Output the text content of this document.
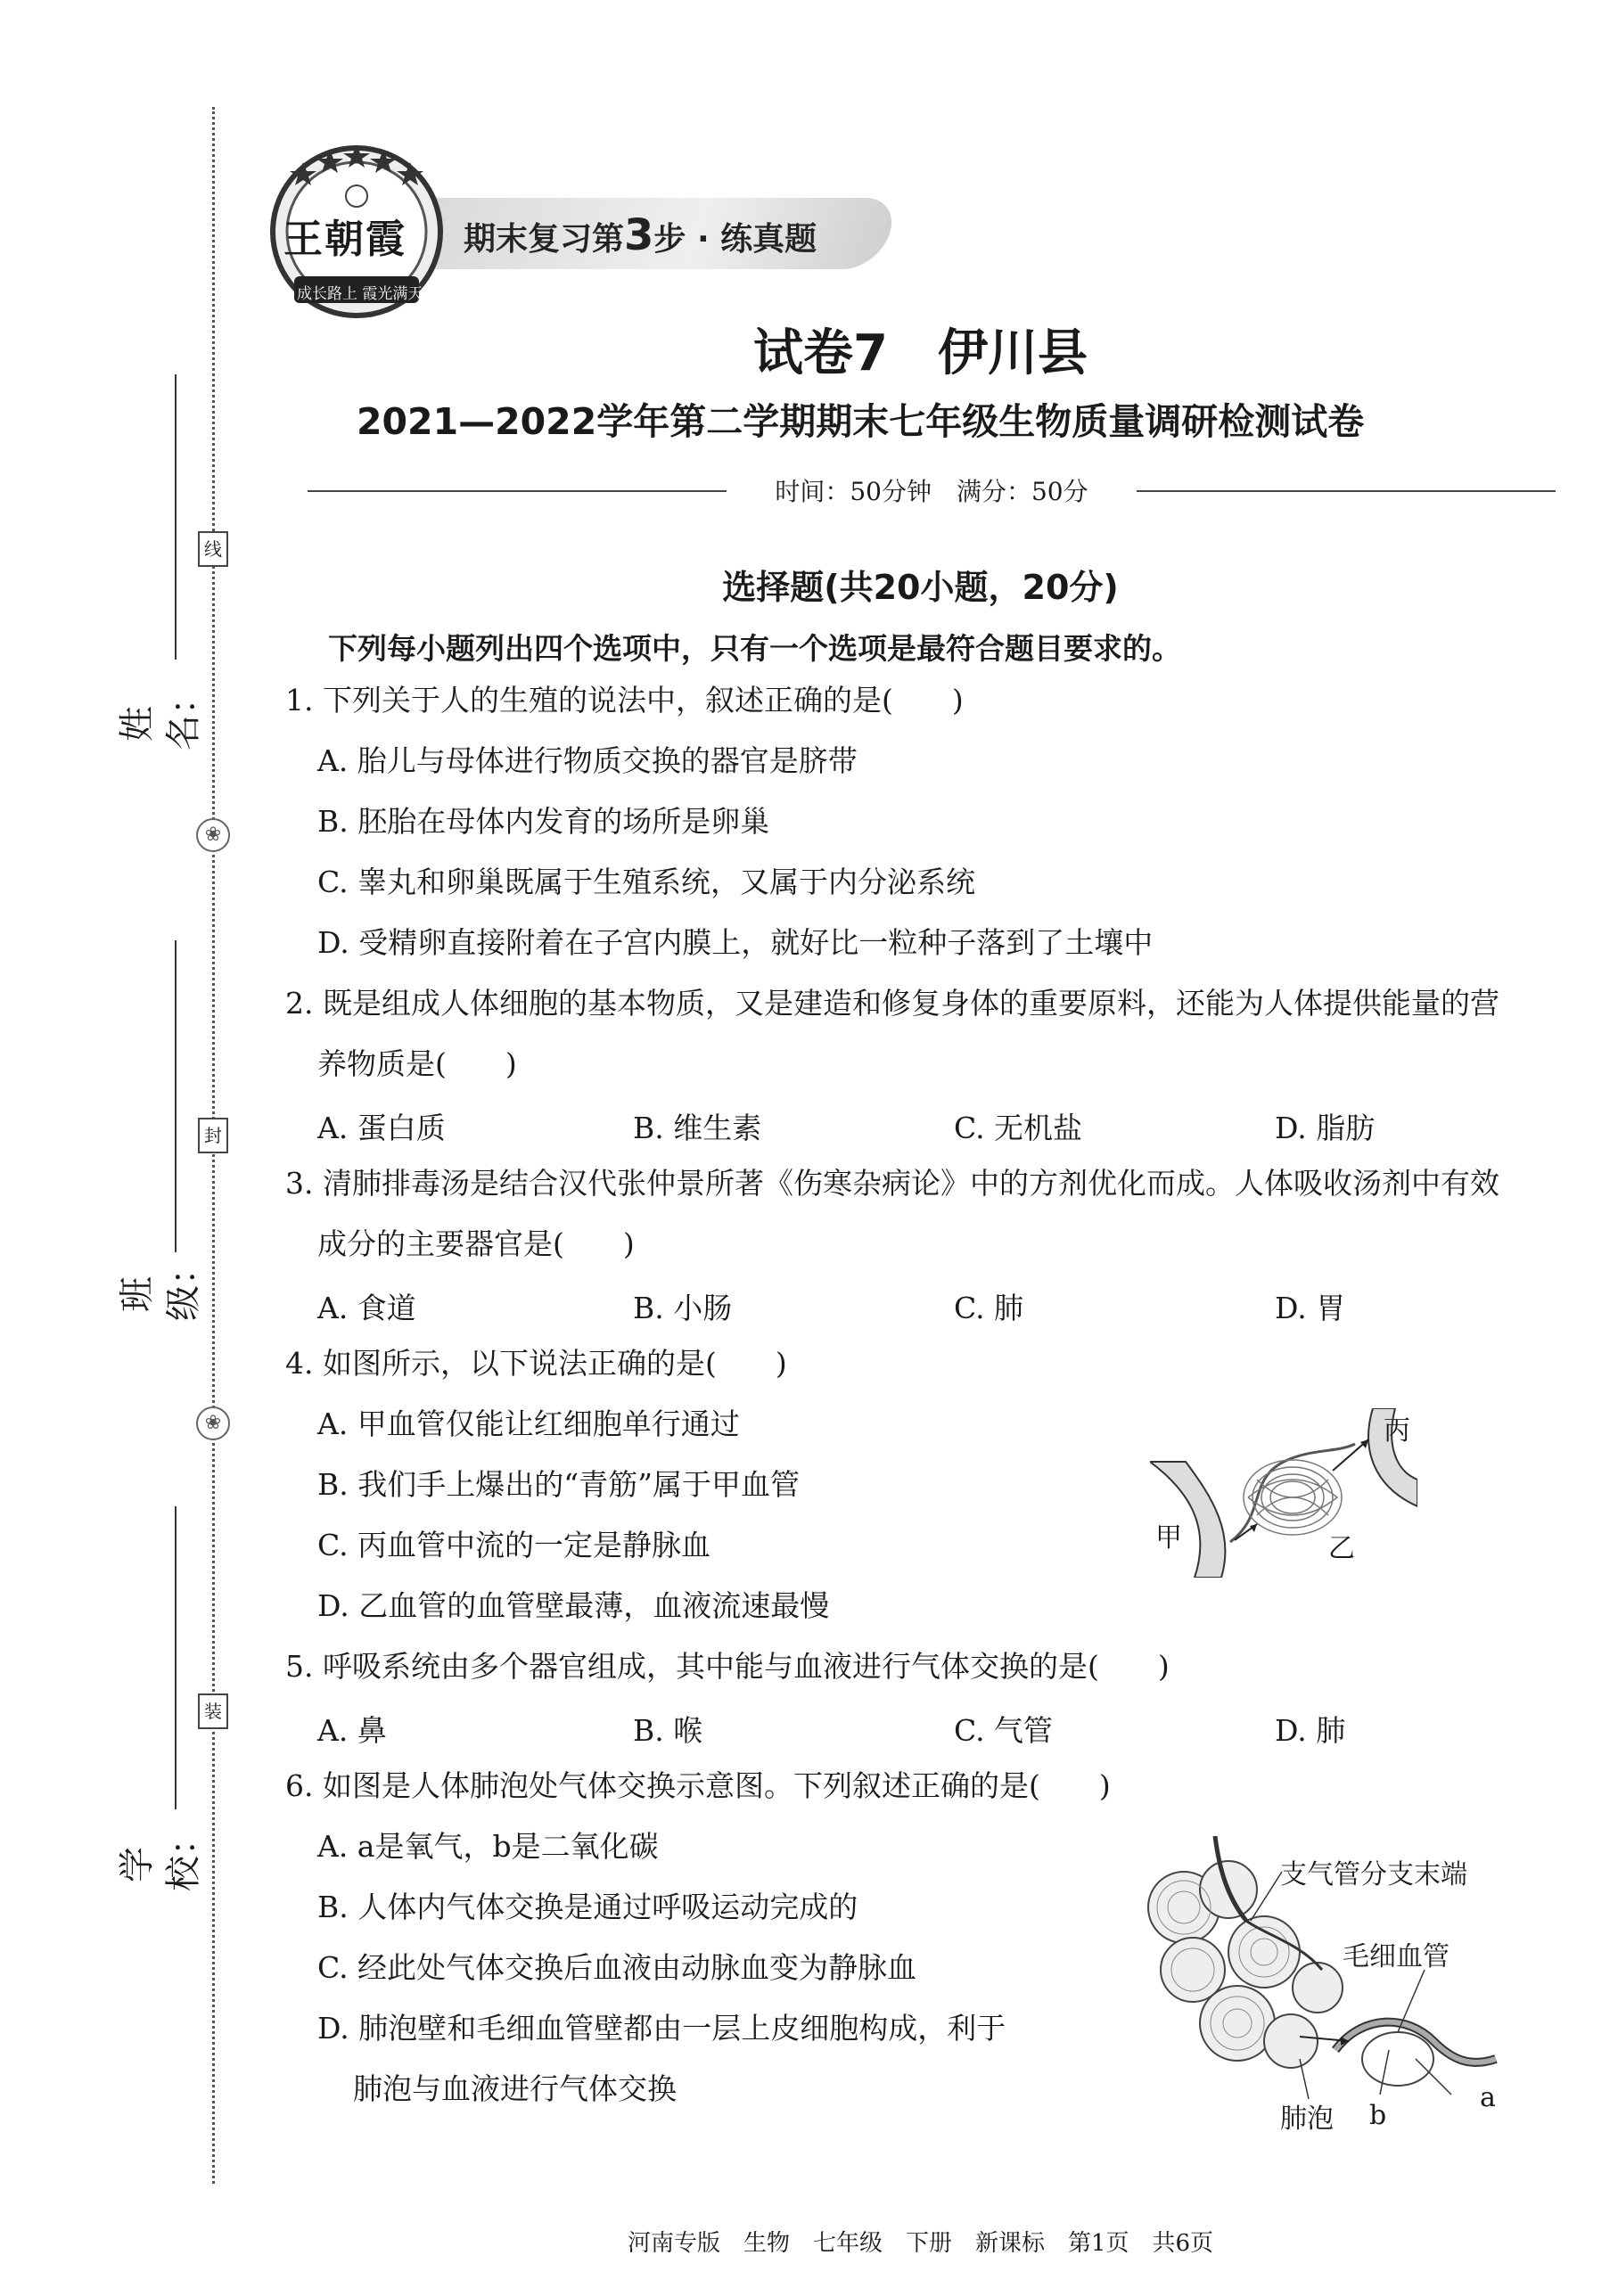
姓名：
线
❀
班级：
封
❀
学校：
装
期末复习第3步 · 练真题
王朝霞
成长路上 霞光满天
试卷7　伊川县
2021—2022学年第二学期期末七年级生物质量调研检测试卷
时间：50分钟　满分：50分
选择题(共20小题，20分)
下列每小题列出四个选项中，只有一个选项是最符合题目要求的。
1. 下列关于人的生殖的说法中，叙述正确的是(　　)
A. 胎儿与母体进行物质交换的器官是脐带
B. 胚胎在母体内发育的场所是卵巢
C. 睾丸和卵巢既属于生殖系统，又属于内分泌系统
D. 受精卵直接附着在子宫内膜上，就好比一粒种子落到了土壤中
2. 既是组成人体细胞的基本物质，又是建造和修复身体的重要原料，还能为人体提供能量的营
养物质是(　　)
A. 蛋白质	B. 维生素	C. 无机盐	D. 脂肪
3. 清肺排毒汤是结合汉代张仲景所著《伤寒杂病论》中的方剂优化而成。人体吸收汤剂中有效
成分的主要器官是(　　)
A. 食道	B. 小肠	C. 肺	D. 胃
4. 如图所示，以下说法正确的是(　　)
A. 甲血管仅能让红细胞单行通过
B. 我们手上爆出的“青筋”属于甲血管
C. 丙血管中流的一定是静脉血
D. 乙血管的血管壁最薄，血液流速最慢
甲	乙
丙
5. 呼吸系统由多个器官组成，其中能与血液进行气体交换的是(　　)
A. 鼻	B. 喉	C. 气管	D. 肺
6. 如图是人体肺泡处气体交换示意图。下列叙述正确的是(　　)
A. a是氧气，b是二氧化碳
B. 人体内气体交换是通过呼吸运动完成的
C. 经此处气体交换后血液由动脉血变为静脉血
D. 肺泡壁和毛细血管壁都由一层上皮细胞构成，利于
肺泡与血液进行气体交换
支气管分支末端
毛细血管
肺泡
a
b
河南专版　生物　七年级　下册　新课标　第1页　共6页
